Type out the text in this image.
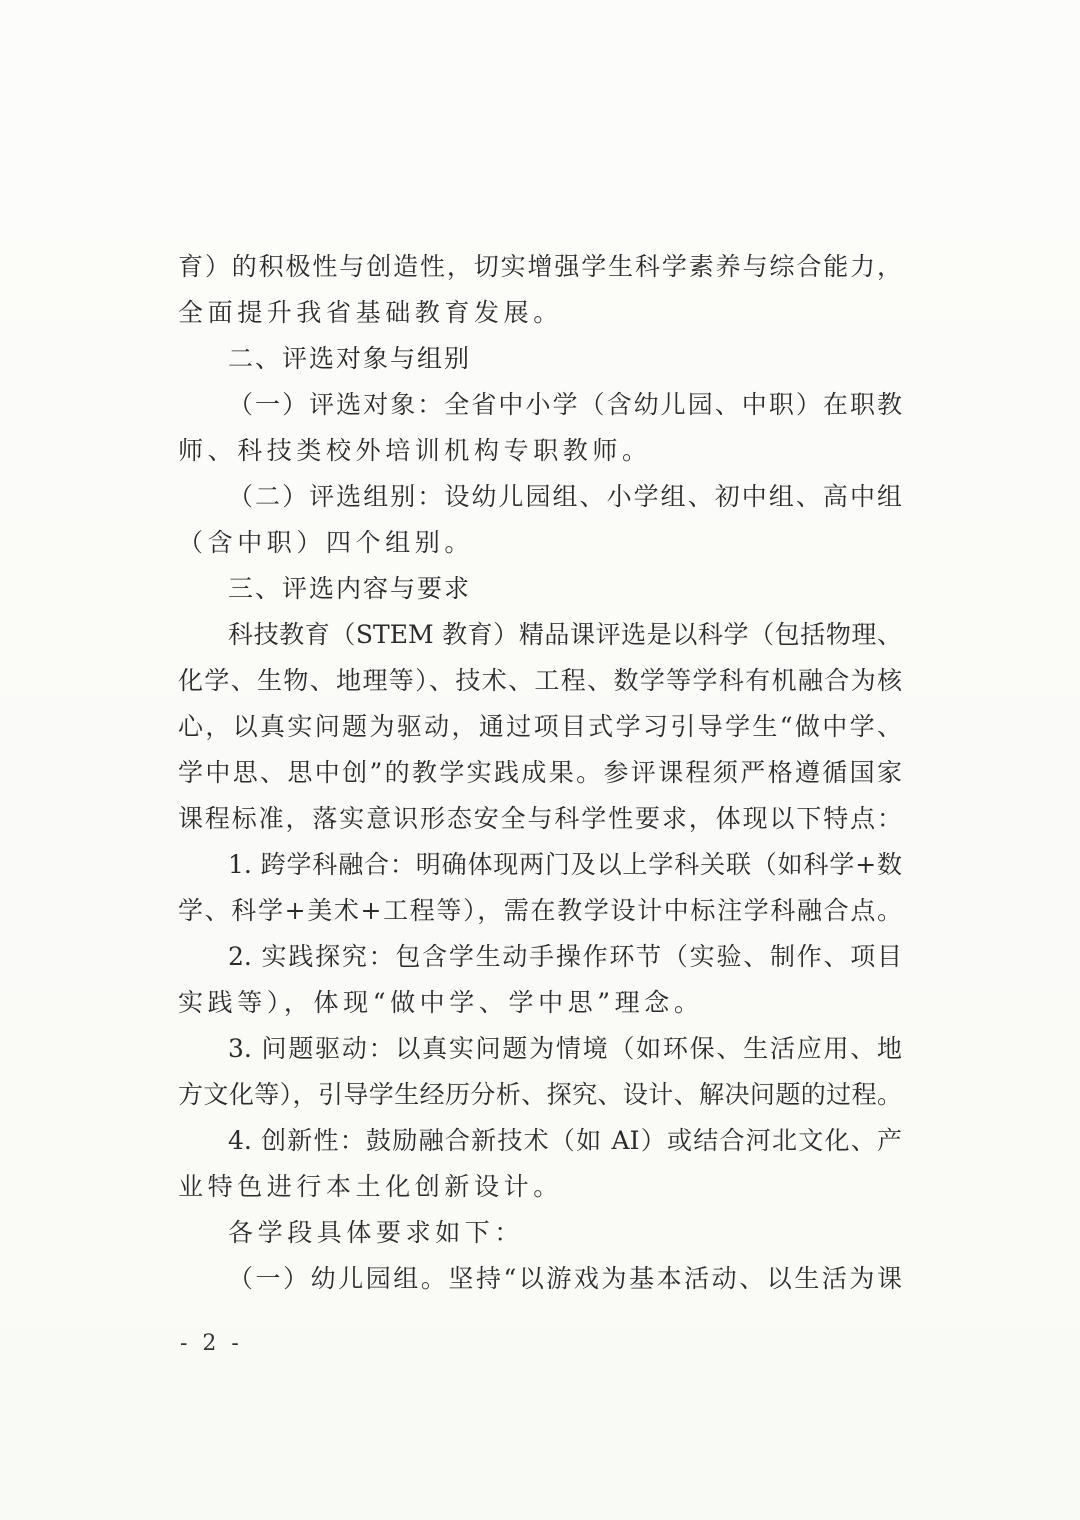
育）的积极性与创造性，切实增强学生科学素养与综合能力，
全面提升我省基础教育发展。
二、评选对象与组别
（一）评选对象：全省中小学（含幼儿园、中职）在职教
师、科技类校外培训机构专职教师。
（二）评选组别：设幼儿园组、小学组、初中组、高中组
（含中职）四个组别。
三、评选内容与要求
科技教育（STEM 教育）精品课评选是以科学（包括物理、
化学、生物、地理等）、技术、工程、数学等学科有机融合为核
心，以真实问题为驱动，通过项目式学习引导学生“做中学、
学中思、思中创”的教学实践成果。参评课程须严格遵循国家
课程标准，落实意识形态安全与科学性要求，体现以下特点：
1. 跨学科融合：明确体现两门及以上学科关联（如科学+数
学、科学+美术+工程等），需在教学设计中标注学科融合点。
2. 实践探究：包含学生动手操作环节（实验、制作、项目
实践等），体现“做中学、学中思”理念。
3. 问题驱动：以真实问题为情境（如环保、生活应用、地
方文化等），引导学生经历分析、探究、设计、解决问题的过程。
4. 创新性：鼓励融合新技术（如 AI）或结合河北文化、产
业特色进行本土化创新设计。
各学段具体要求如下：
（一）幼儿园组。坚持“以游戏为基本活动、以生活为课
- 2 -
